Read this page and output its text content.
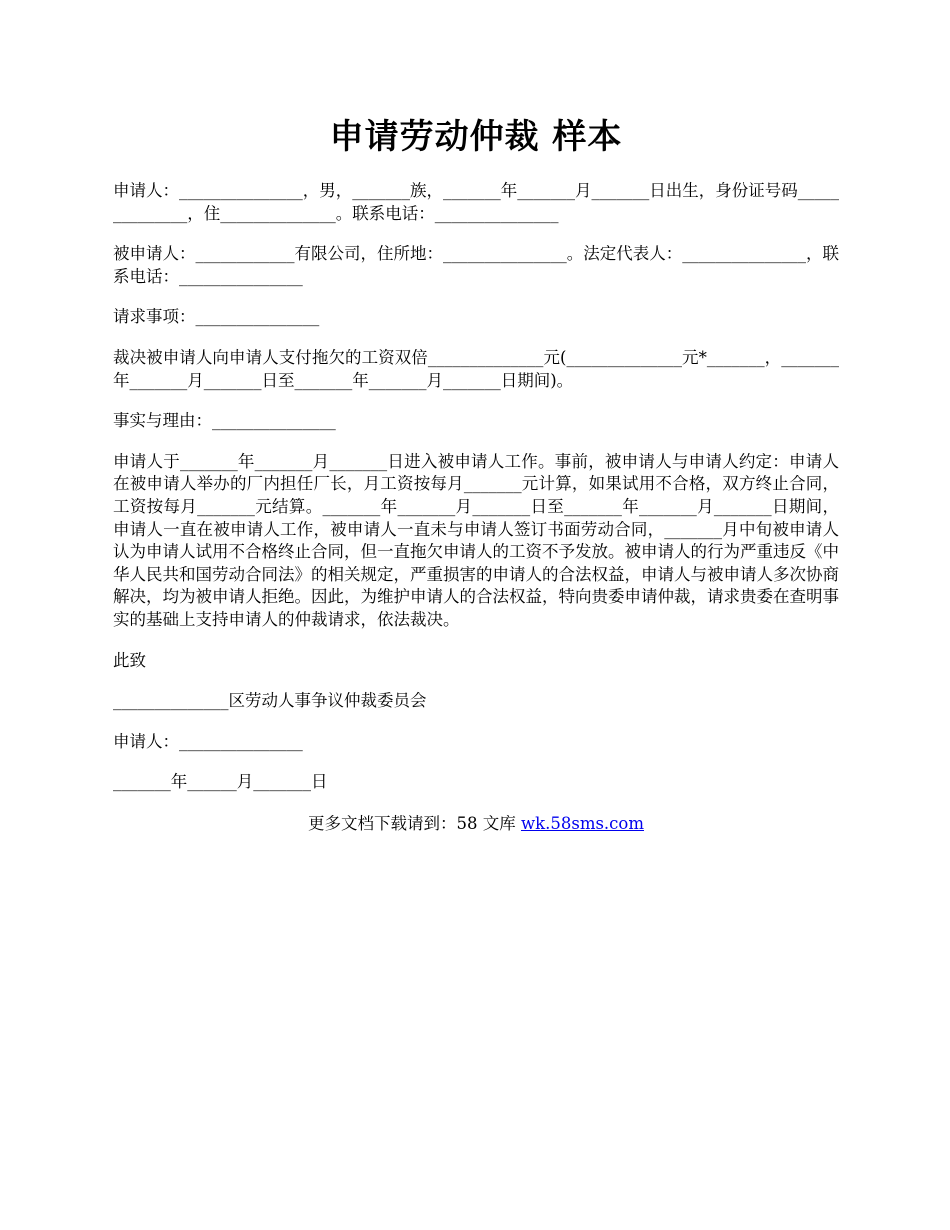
申请劳动仲裁 样本

申请人：_______________，男，_______族，_______年_______月_______日出生，身份证号码______________，住______________。联系电话：_______________

被申请人：____________有限公司，住所地：_______________。法定代表人：_______________，联系电话：_______________

请求事项：_______________

裁决被申请人向申请人支付拖欠的工资双倍______________元(______________元*_______，_______年_______月_______日至_______年_______月_______日期间)。

事实与理由：_______________

申请人于_______年_______月_______日进入被申请人工作。事前，被申请人与申请人约定：申请人在被申请人举办的厂内担任厂长，月工资按每月_______元计算，如果试用不合格，双方终止合同，工资按每月_______元结算。_______年_______月_______日至_______年_______月_______日期间，申请人一直在被申请人工作，被申请人一直未与申请人签订书面劳动合同，_______月中旬被申请人认为申请人试用不合格终止合同，但一直拖欠申请人的工资不予发放。被申请人的行为严重违反《中华人民共和国劳动合同法》的相关规定，严重损害的申请人的合法权益，申请人与被申请人多次协商解决，均为被申请人拒绝。因此，为维护申请人的合法权益，特向贵委申请仲裁，请求贵委在查明事实的基础上支持申请人的仲裁请求，依法裁决。

此致

______________区劳动人事争议仲裁委员会

申请人：_______________

_______年______月_______日

更多文档下载请到：58 文库 wk.58sms.com
